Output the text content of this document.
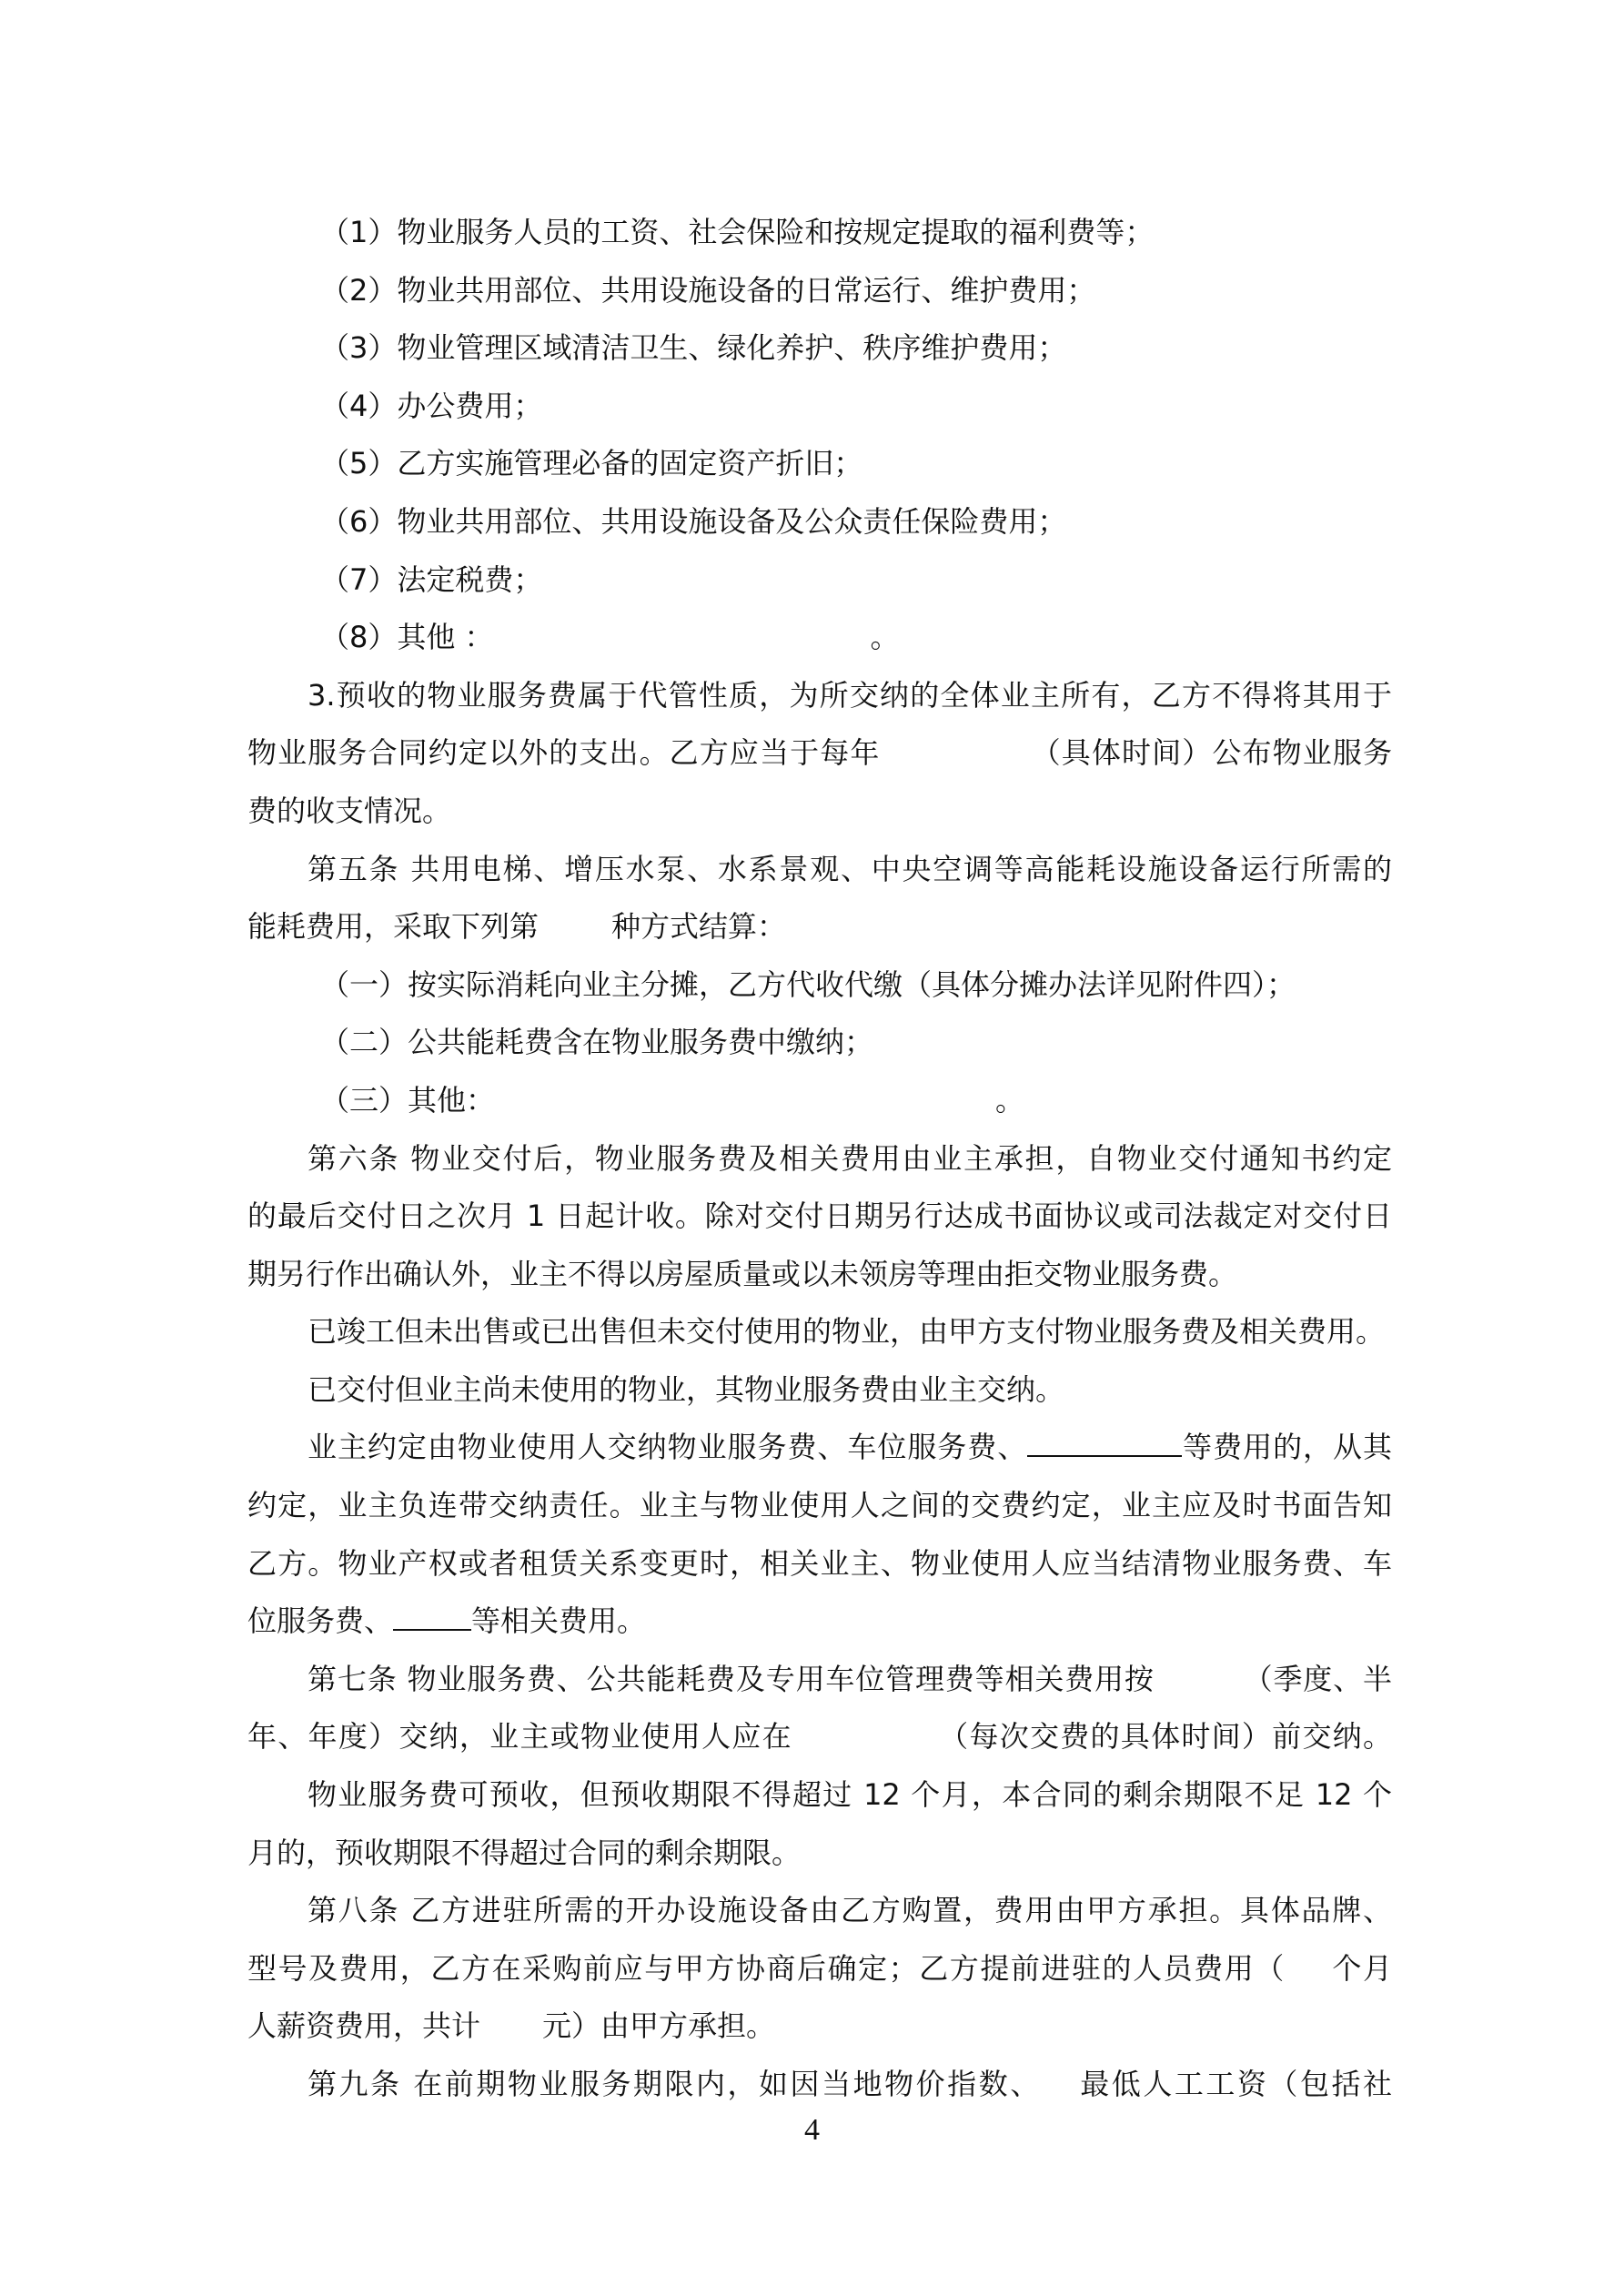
（1）物业服务人员的工资、社会保险和按规定提取的福利费等；
（2）物业共用部位、共用设施设备的日常运行、维护费用；
（3）物业管理区域清洁卫生、绿化养护、秩序维护费用；
（4）办公费用；
（5）乙方实施管理必备的固定资产折旧；
（6）物业共用部位、共用设施设备及公众责任保险费用；
（7）法定税费；
（8）其他 ：	。
3.预收的物业服务费属于代管性质，为所交纳的全体业主所有，乙方不得将其用于
物业服务合同约定以外的支出。乙方应当于每年	（具体时间）公布物业服务
费的收支情况。
第五条 共用电梯、增压水泵、水系景观、中央空调等高能耗设施设备运行所需的
能耗费用，采取下列第	种方式结算：
（一）按实际消耗向业主分摊，乙方代收代缴（具体分摊办法详见附件四）；
（二）公共能耗费含在物业服务费中缴纳；
（三）其他：	。
第六条 物业交付后，物业服务费及相关费用由业主承担，自物业交付通知书约定
的最后交付日之次月 1 日起计收。除对交付日期另行达成书面协议或司法裁定对交付日
期另行作出确认外，业主不得以房屋质量或以未领房等理由拒交物业服务费。
已竣工但未出售或已出售但未交付使用的物业，由甲方支付物业服务费及相关费用。
已交付但业主尚未使用的物业，其物业服务费由业主交纳。
业主约定由物业使用人交纳物业服务费、车位服务费、	等费用的，从其
约定，业主负连带交纳责任。业主与物业使用人之间的交费约定，业主应及时书面告知
乙方。物业产权或者租赁关系变更时，相关业主、物业使用人应当结清物业服务费、车
位服务费、	等相关费用。
第七条 物业服务费、公共能耗费及专用车位管理费等相关费用按	（季度、半
年、年度）交纳，业主或物业使用人应在	（每次交费的具体时间）前交纳。
物业服务费可预收，但预收期限不得超过 12 个月，本合同的剩余期限不足 12 个
月的，预收期限不得超过合同的剩余期限。
第八条 乙方进驻所需的开办设施设备由乙方购置，费用由甲方承担。具体品牌、
型号及费用，乙方在采购前应与甲方协商后确定；乙方提前进驻的人员费用（ 个月
人薪资费用，共计 元）由甲方承担。
第九条 在前期物业服务期限内，如因当地物价指数、 最低人工工资（包括社
4
